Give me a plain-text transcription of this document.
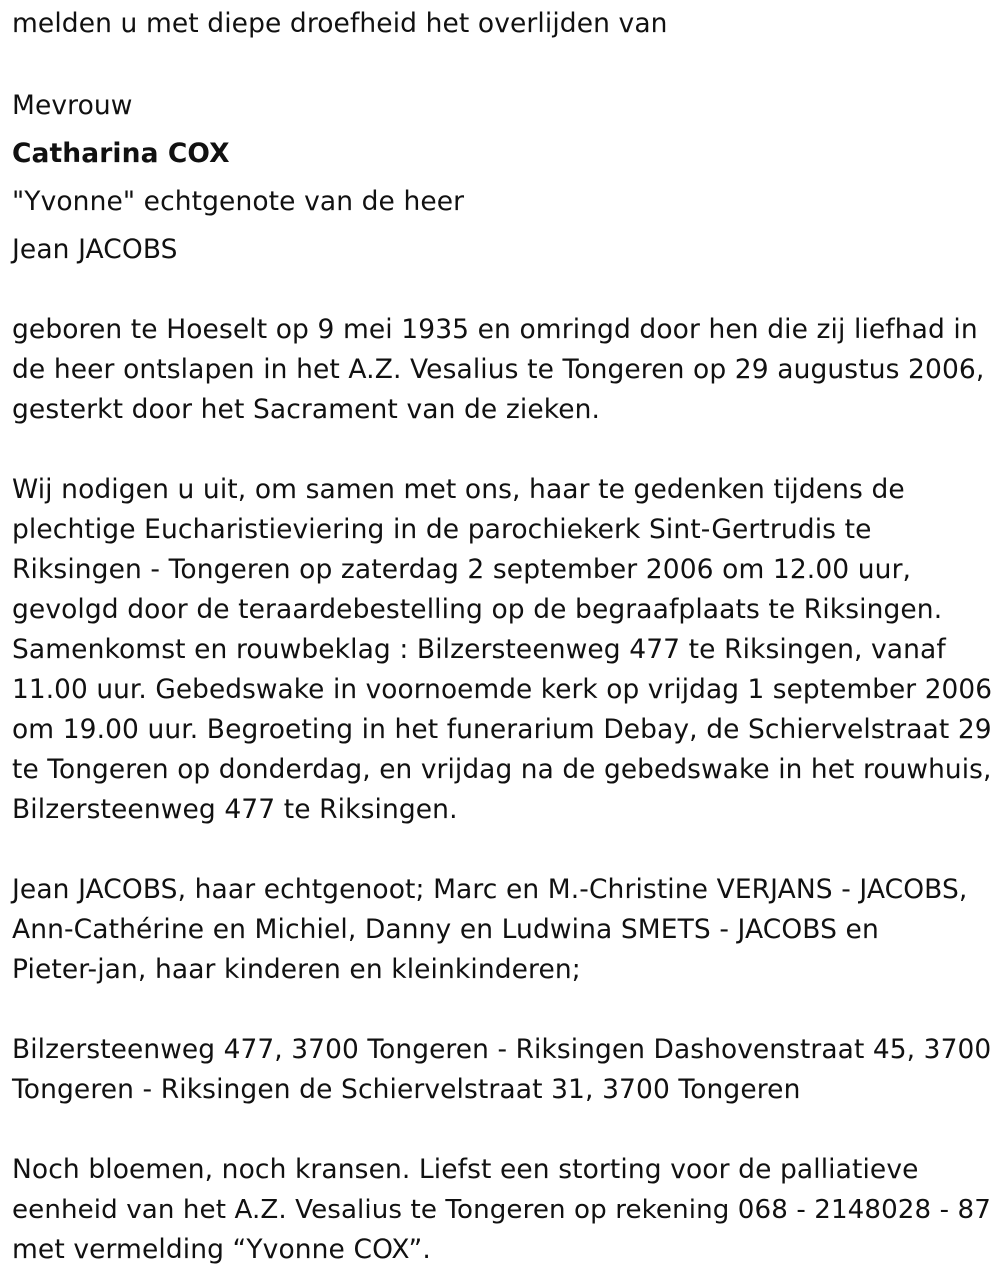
melden u met diepe droefheid het overlijden van

Mevrouw

Catharina COX

"Yvonne" echtgenote van de heer

Jean JACOBS

geboren te Hoeselt op 9 mei 1935 en omringd door hen die zij liefhad in

de heer ontslapen in het A.Z. Vesalius te Tongeren op 29 augustus 2006,

gesterkt door het Sacrament van de zieken.

Wij nodigen u uit, om samen met ons, haar te gedenken tijdens de

plechtige Eucharistieviering in de parochiekerk Sint-Gertrudis te

Riksingen - Tongeren op zaterdag 2 september 2006 om 12.00 uur,

gevolgd door de teraardebestelling op de begraafplaats te Riksingen.

Samenkomst en rouwbeklag : Bilzersteenweg 477 te Riksingen, vanaf

11.00 uur. Gebedswake in voornoemde kerk op vrijdag 1 september 2006

om 19.00 uur. Begroeting in het funerarium Debay, de Schiervelstraat 29

te Tongeren op donderdag, en vrijdag na de gebedswake in het rouwhuis,

Bilzersteenweg 477 te Riksingen.

Jean JACOBS, haar echtgenoot; Marc en M.-Christine VERJANS - JACOBS,

Ann-Cathérine en Michiel, Danny en Ludwina SMETS - JACOBS en

Pieter-jan, haar kinderen en kleinkinderen;

Bilzersteenweg 477, 3700 Tongeren - Riksingen Dashovenstraat 45, 3700

Tongeren - Riksingen de Schiervelstraat 31, 3700 Tongeren

Noch bloemen, noch kransen. Liefst een storting voor de palliatieve

eenheid van het A.Z. Vesalius te Tongeren op rekening 068 - 2148028 - 87

met vermelding “Yvonne COX”.
